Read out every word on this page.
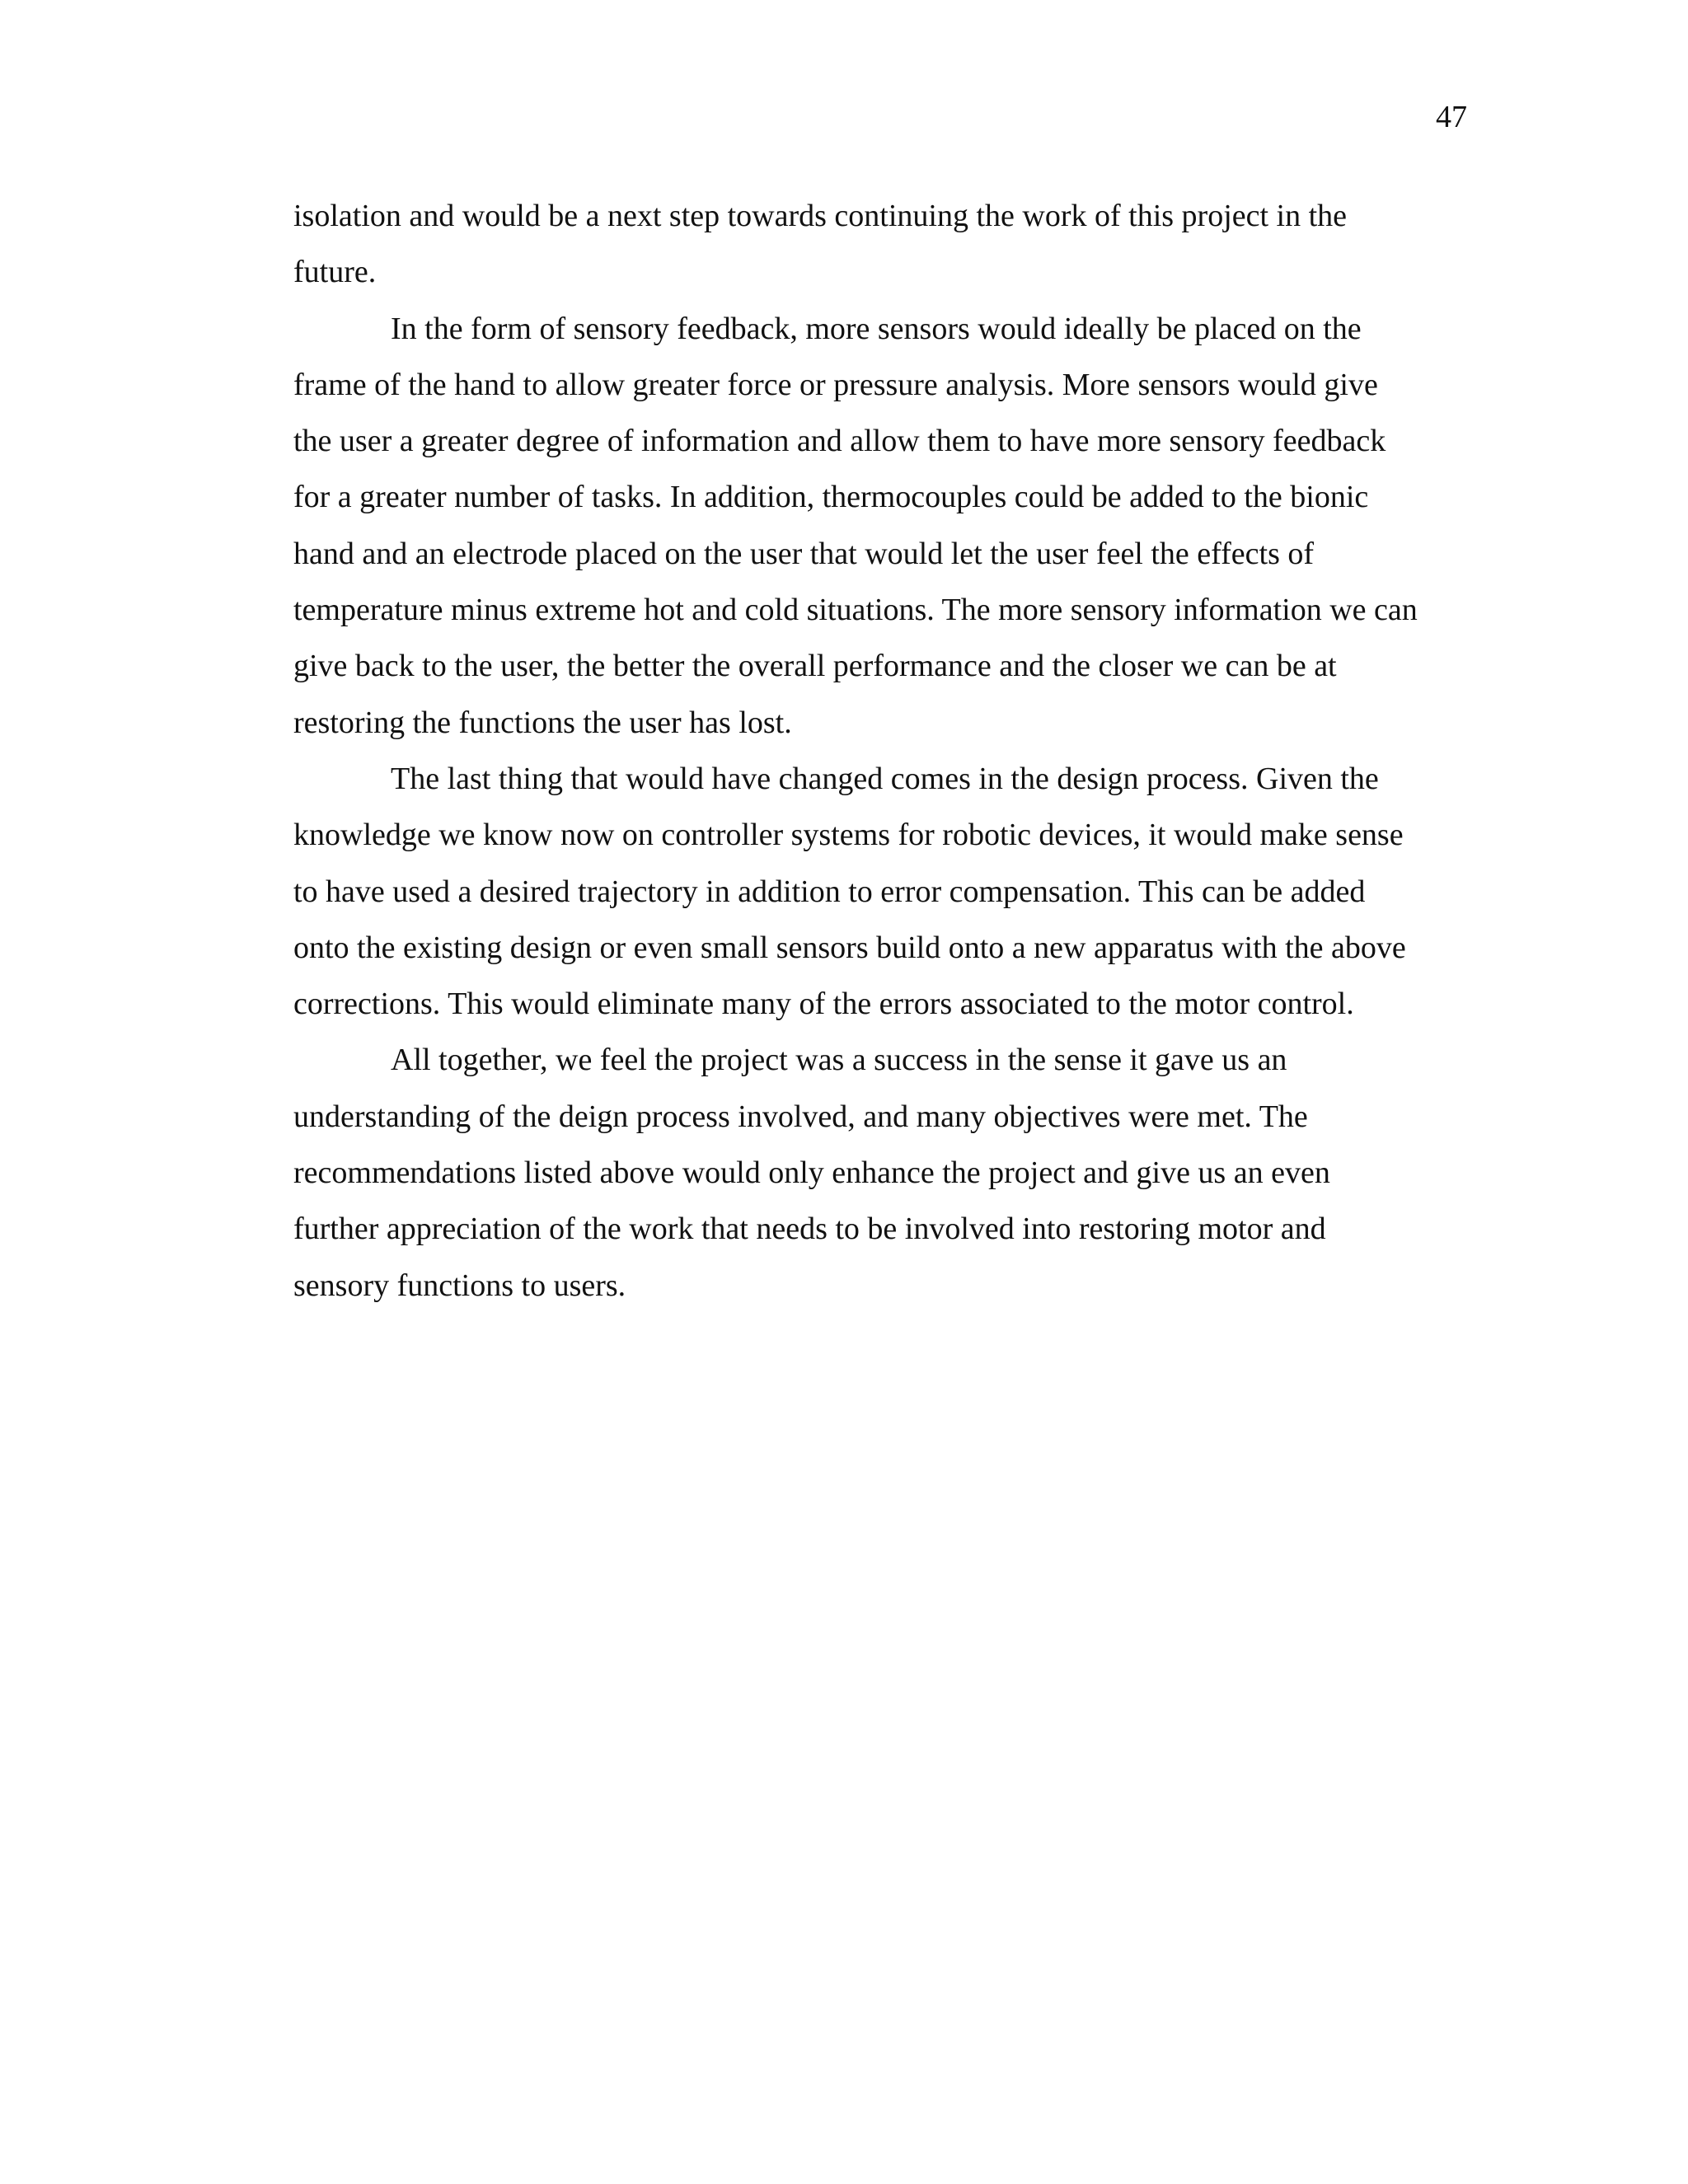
47
isolation and would be a next step towards continuing the work of this project in the
future.
In the form of sensory feedback, more sensors would ideally be placed on the
frame of the hand to allow greater force or pressure analysis. More sensors would give
the user a greater degree of information and allow them to have more sensory feedback
for a greater number of tasks. In addition, thermocouples could be added to the bionic
hand and an electrode placed on the user that would let the user feel the effects of
temperature minus extreme hot and cold situations. The more sensory information we can
give back to the user, the better the overall performance and the closer we can be at
restoring the functions the user has lost.
The last thing that would have changed comes in the design process. Given the
knowledge we know now on controller systems for robotic devices, it would make sense
to have used a desired trajectory in addition to error compensation. This can be added
onto the existing design or even small sensors build onto a new apparatus with the above
corrections. This would eliminate many of the errors associated to the motor control.
All together, we feel the project was a success in the sense it gave us an
understanding of the deign process involved, and many objectives were met. The
recommendations listed above would only enhance the project and give us an even
further appreciation of the work that needs to be involved into restoring motor and
sensory functions to users.
